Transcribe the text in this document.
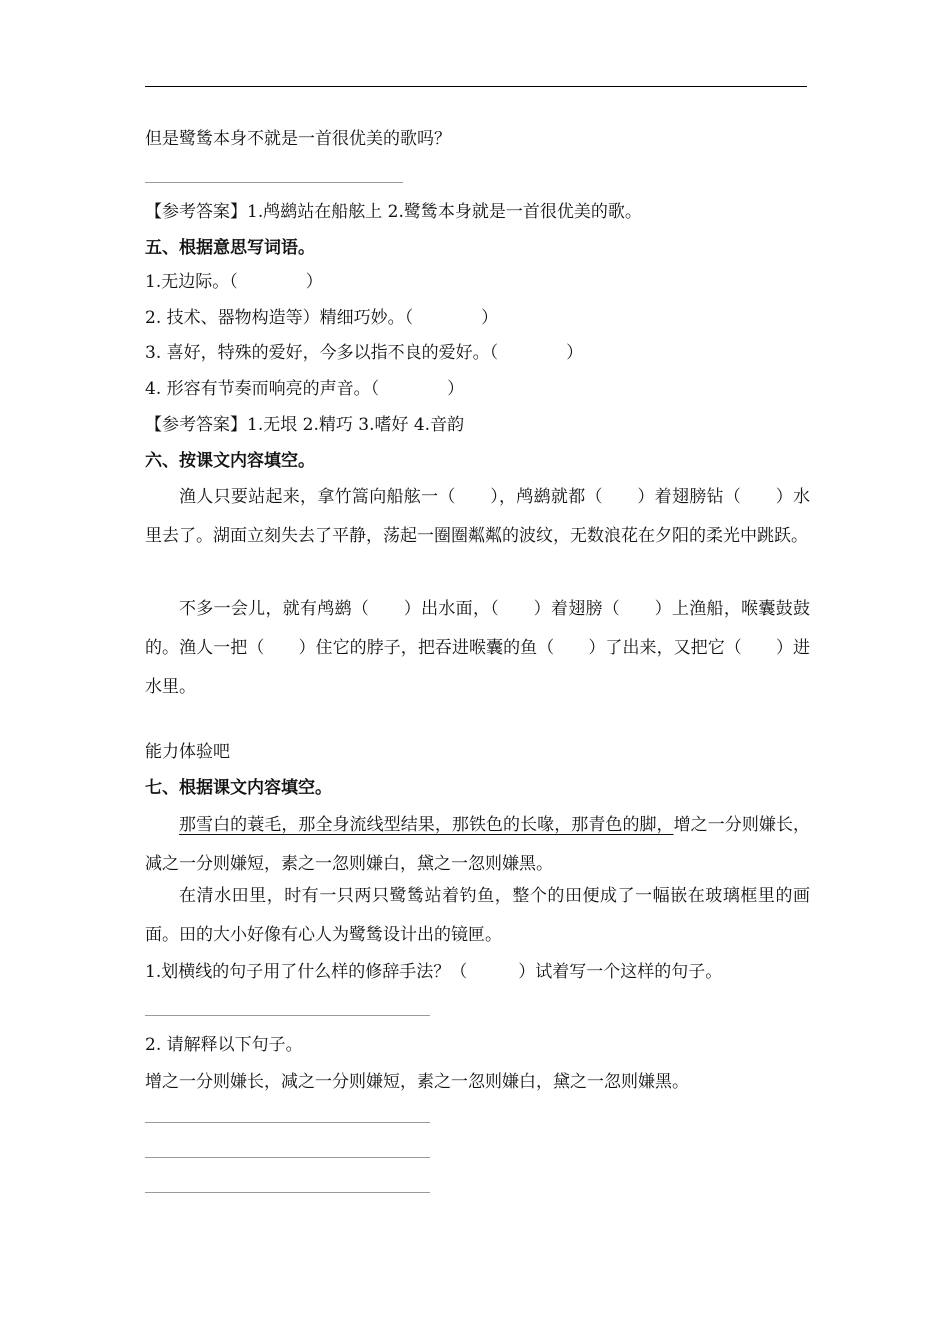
但是鹭鸶本身不就是一首很优美的歌吗？
【参考答案】1.鸬鹚站在船舷上 2.鹭鸶本身就是一首很优美的歌。
五、根据意思写词语。
1.无边际。（　　　　）
2. 技术、器物构造等）精细巧妙。（　　　　）
3. 喜好，特殊的爱好，今多以指不良的爱好。（　　　　）
4. 形容有节奏而响亮的声音。（　　　　）
【参考答案】1.无垠 2.精巧 3.嗜好 4.音韵
六、按课文内容填空。
渔人只要站起来，拿竹篙向船舷一（　　），鸬鹚就都（　　）着翅膀钻（　　）水里去了。湖面立刻失去了平静，荡起一圈圈粼粼的波纹，无数浪花在夕阳的柔光中跳跃。
不多一会儿，就有鸬鹚（　　）出水面，（　　）着翅膀（　　）上渔船，喉囊鼓鼓的。渔人一把（　　）住它的脖子，把吞进喉囊的鱼（　　）了出来，又把它（　　）进水里。
能力体验吧
七、根据课文内容填空。
那雪白的蓑毛，那全身流线型结果，那铁色的长喙，那青色的脚，增之一分则嫌长，减之一分则嫌短，素之一忽则嫌白，黛之一忽则嫌黑。
在清水田里，时有一只两只鹭鸶站着钓鱼，整个的田便成了一幅嵌在玻璃框里的画面。田的大小好像有心人为鹭鸶设计出的镜匣。
1.划横线的句子用了什么样的修辞手法？（　　　）试着写一个这样的句子。
2. 请解释以下句子。
增之一分则嫌长，减之一分则嫌短，素之一忽则嫌白，黛之一忽则嫌黑。
